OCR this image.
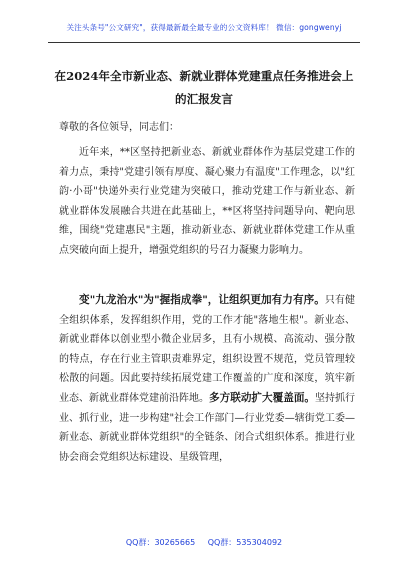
关注头条号"公文研究"，获得最新最全最专业的公文资料库！ 微信：gongwenyj
在2024年全市新业态、新就业群体党建重点任务推进会上
的汇报发言
尊敬的各位领导，同志们：
近年来，**区坚持把新业态、新就业群体作为基层党建工作的着力点，秉持"党建引领有厚度、凝心聚力有温度"工作理念，以"红韵·小哥"快递外卖行业党建为突破口，推动党建工作与新业态、新就业群体发展融合共进在此基础上，**区将坚持问题导向、靶向思维，围绕"党建惠民"主题，推动新业态、新就业群体党建工作从重点突破向面上提升，增强党组织的号召力凝聚力影响力。
变"九龙治水"为"握指成拳"，让组织更加有力有序。只有健全组织体系，发挥组织作用，党的工作才能"落地生根"。新业态、新就业群体以创业型小微企业居多，且有小规模、高流动、强分散的特点，存在行业主管职责难界定，组织设置不规范，党员管理较松散的问题。因此要持续拓展党建工作覆盖的广度和深度，筑牢新业态、新就业群体党建前沿阵地。多方联动扩大覆盖面。坚持抓行业、抓行业，进一步构建"社会工作部门—行业党委—辖街党工委—新业态、新就业群体党组织"的全链条、闭合式组织体系。推进行业协会商会党组织达标建设、星级管理，
QQ群：30265665 QQ群：535304092
